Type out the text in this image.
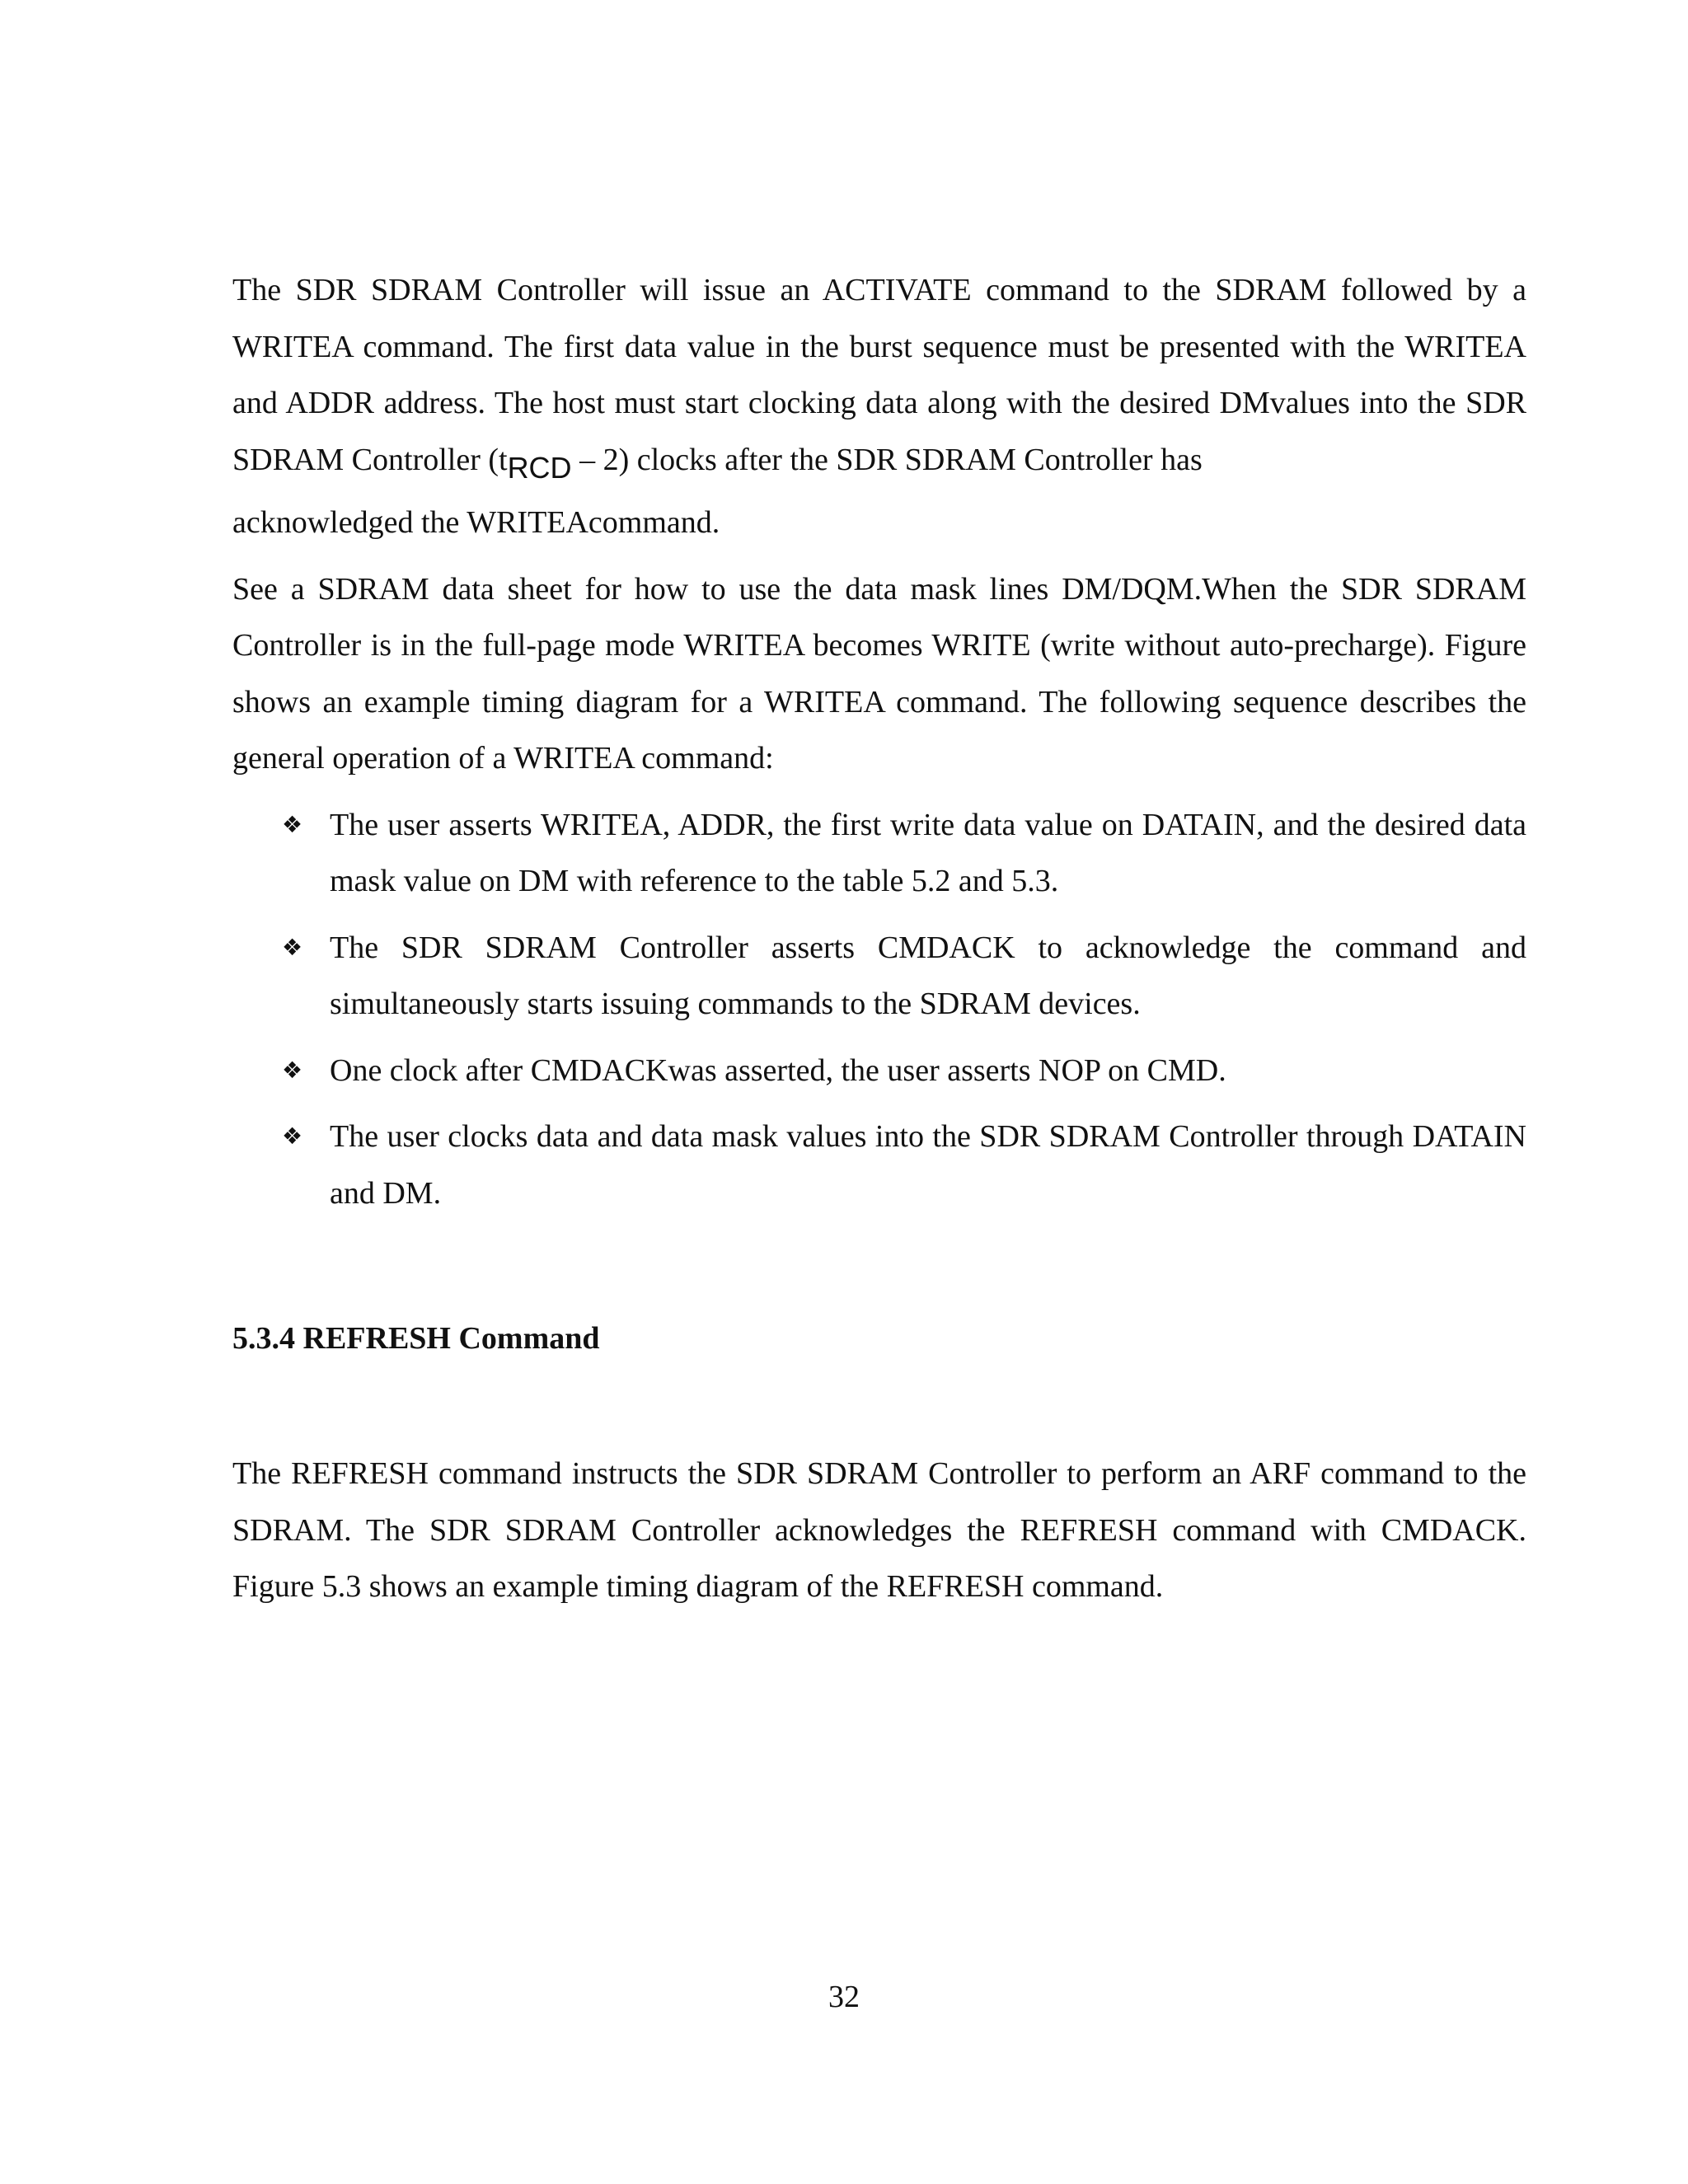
The SDR SDRAM Controller will issue an ACTIVATE command to the SDRAM followed by a WRITEA command. The first data value in the burst sequence must be presented with the WRITEA and ADDR address. The host must start clocking data along with the desired DMvalues into the SDR SDRAM Controller (tRCD – 2) clocks after the SDR SDRAM Controller has
acknowledged the WRITEAcommand.

See a SDRAM data sheet for how to use the data mask lines DM/DQM.When the SDR SDRAM Controller is in the full-page mode WRITEA becomes WRITE (write without auto-precharge). Figure shows an example timing diagram for a WRITEA command. The following sequence describes the general operation of a WRITEA command:

❖ The user asserts WRITEA, ADDR, the first write data value on DATAIN, and the desired data mask value on DM with reference to the table 5.2 and 5.3.
❖ The SDR SDRAM Controller asserts CMDACK to acknowledge the command and simultaneously starts issuing commands to the SDRAM devices.
❖ One clock after CMDACKwas asserted, the user asserts NOP on CMD.
❖ The user clocks data and data mask values into the SDR SDRAM Controller through DATAIN and DM.
5.3.4 REFRESH Command

The REFRESH command instructs the SDR SDRAM Controller to perform an ARF command to the SDRAM. The SDR SDRAM Controller acknowledges the REFRESH command with CMDACK. Figure 5.3 shows an example timing diagram of the REFRESH command.

32
